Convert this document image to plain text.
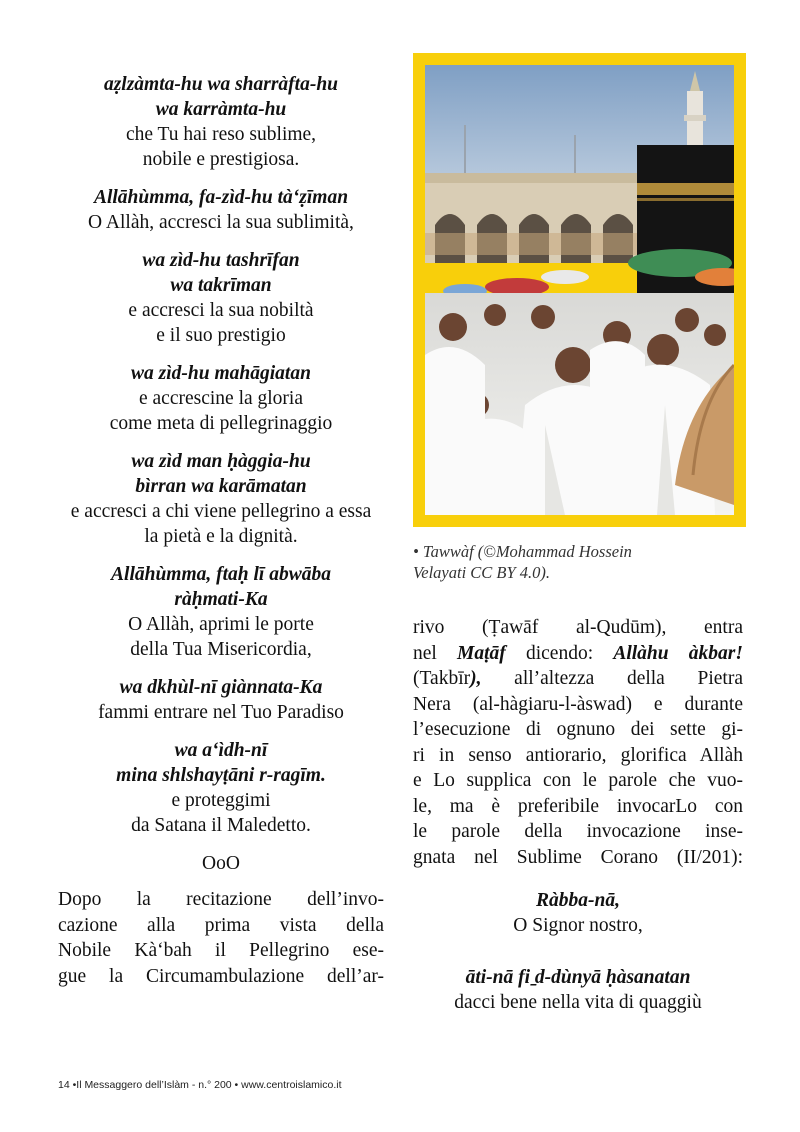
aẓlzàmta-hu wa sharràfta-hu
wa karràmta-hu
che Tu hai reso sublime,
nobile e prestigiosa.
Allāhùmma, fa-zìd-hu tà‘ẓīman
O Allàh, accresci la sua sublimità,
wa zìd-hu tashrīfan
wa takrīman
e accresci la sua nobiltà
e il suo prestigio
wa zìd-hu mahāgiatan
e accrescine la gloria
come meta di pellegrinaggio
wa zìd man ḥàggia-hu
bìrran wa karāmatan
e accresci a chi viene pellegrino a essa
la pietà e la dignità.
Allāhùmma, ftaḥ lī abwāba
ràḥmati-Ka
O Allàh, aprimi le porte
della Tua Misericordia,
wa dkhùl-nī giànnata-Ka
fammi entrare nel Tuo Paradiso
wa a‘ìdh-nī
mina shlshayṭāni r-ragīm.
e proteggimi
da Satana il Maledetto.
OoO
Dopo la recitazione dell’invo-
cazione alla prima vista della
Nobile Kà‘bah il Pellegrino ese-
gue la Circumambulazione dell’ar-
• Tawwàf (©Mohammad Hossein
Velayati CC BY 4.0).
rivo (Ṭawāf al-Qudūm), entra
nel Maṭāf dicendo: Allàhu àkbar!
(Takbīr), all’altezza della Pietra
Nera (al-hàgiaru-l-àswad) e durante
l’esecuzione di ognuno dei sette gi-
ri in senso antiorario, glorifica Allàh
e Lo supplica con le parole che vuo-
le, ma è preferibile invocarLo con
le parole della invocazione inse-
gnata nel Sublime Corano (II/201):
Ràbba-nā,
O Signor nostro,
āti-nā fi ̱d-dùnyā ḥàsanatan
dacci bene nella vita di quaggiù
14 •Il Messaggero dell’Islàm - n.° 200 • www.centroislamico.it
